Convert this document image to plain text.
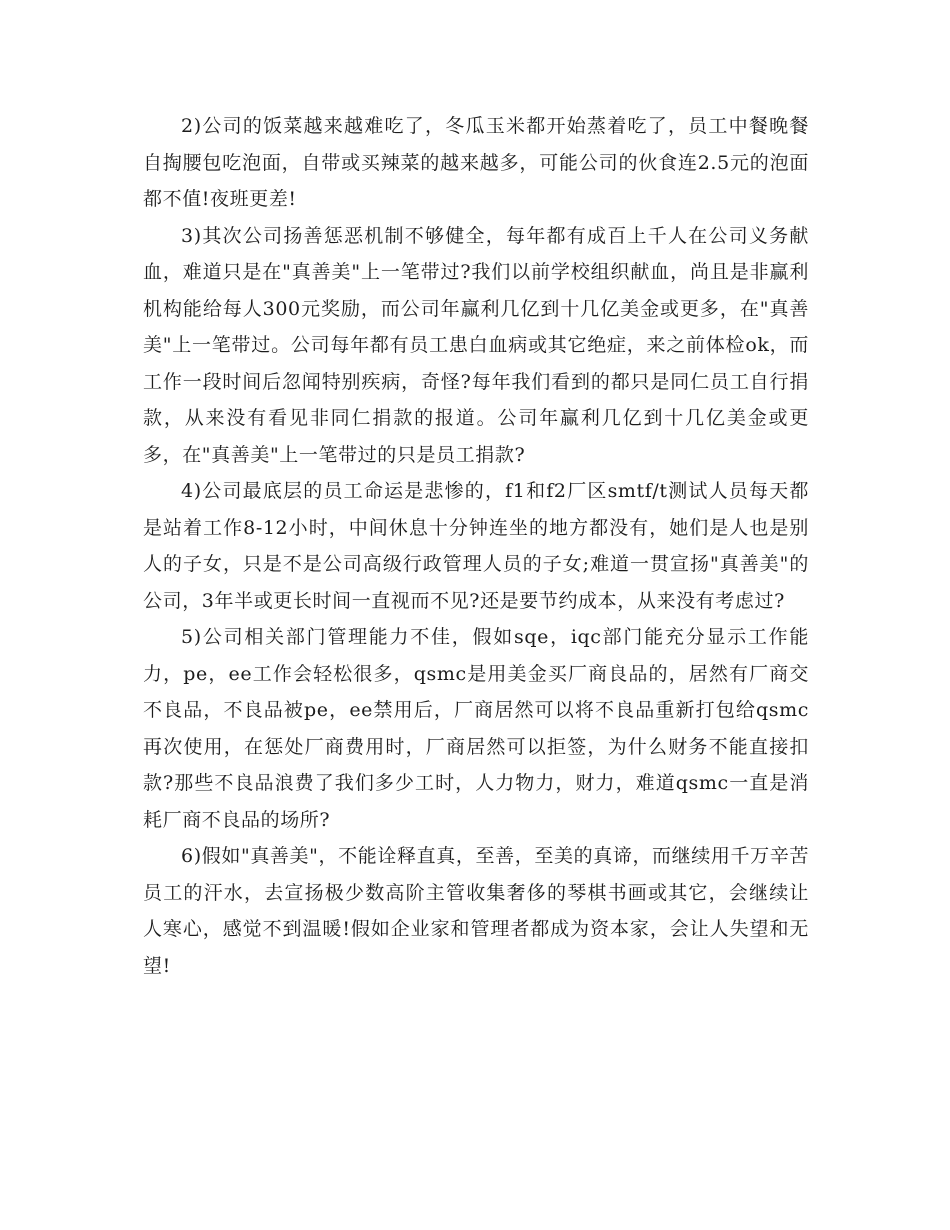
2)公司的饭菜越来越难吃了，冬瓜玉米都开始蒸着吃了，员工中餐晚餐自掏腰包吃泡面，自带或买辣菜的越来越多，可能公司的伙食连2.5元的泡面都不值!夜班更差!

3)其次公司扬善惩恶机制不够健全，每年都有成百上千人在公司义务献血，难道只是在"真善美"上一笔带过?我们以前学校组织献血，尚且是非赢利机构能给每人300元奖励，而公司年赢利几亿到十几亿美金或更多，在"真善美"上一笔带过。公司每年都有员工患白血病或其它绝症，来之前体检ok，而工作一段时间后忽闻特别疾病，奇怪?每年我们看到的都只是同仁员工自行捐款，从来没有看见非同仁捐款的报道。公司年赢利几亿到十几亿美金或更多，在"真善美"上一笔带过的只是员工捐款?

4)公司最底层的员工命运是悲惨的，f1和f2厂区smtf/t测试人员每天都是站着工作8-12小时，中间休息十分钟连坐的地方都没有，她们是人也是别人的子女，只是不是公司高级行政管理人员的子女;难道一贯宣扬"真善美"的公司，3年半或更长时间一直视而不见?还是要节约成本，从来没有考虑过?

5)公司相关部门管理能力不佳，假如sqe，iqc部门能充分显示工作能力，pe，ee工作会轻松很多，qsmc是用美金买厂商良品的，居然有厂商交不良品，不良品被pe，ee禁用后，厂商居然可以将不良品重新打包给qsmc再次使用，在惩处厂商费用时，厂商居然可以拒签，为什么财务不能直接扣款?那些不良品浪费了我们多少工时，人力物力，财力，难道qsmc一直是消耗厂商不良品的场所?

6)假如"真善美"，不能诠释直真，至善，至美的真谛，而继续用千万辛苦员工的汗水，去宣扬极少数高阶主管收集奢侈的琴棋书画或其它，会继续让人寒心，感觉不到温暖!假如企业家和管理者都成为资本家，会让人失望和无望!
